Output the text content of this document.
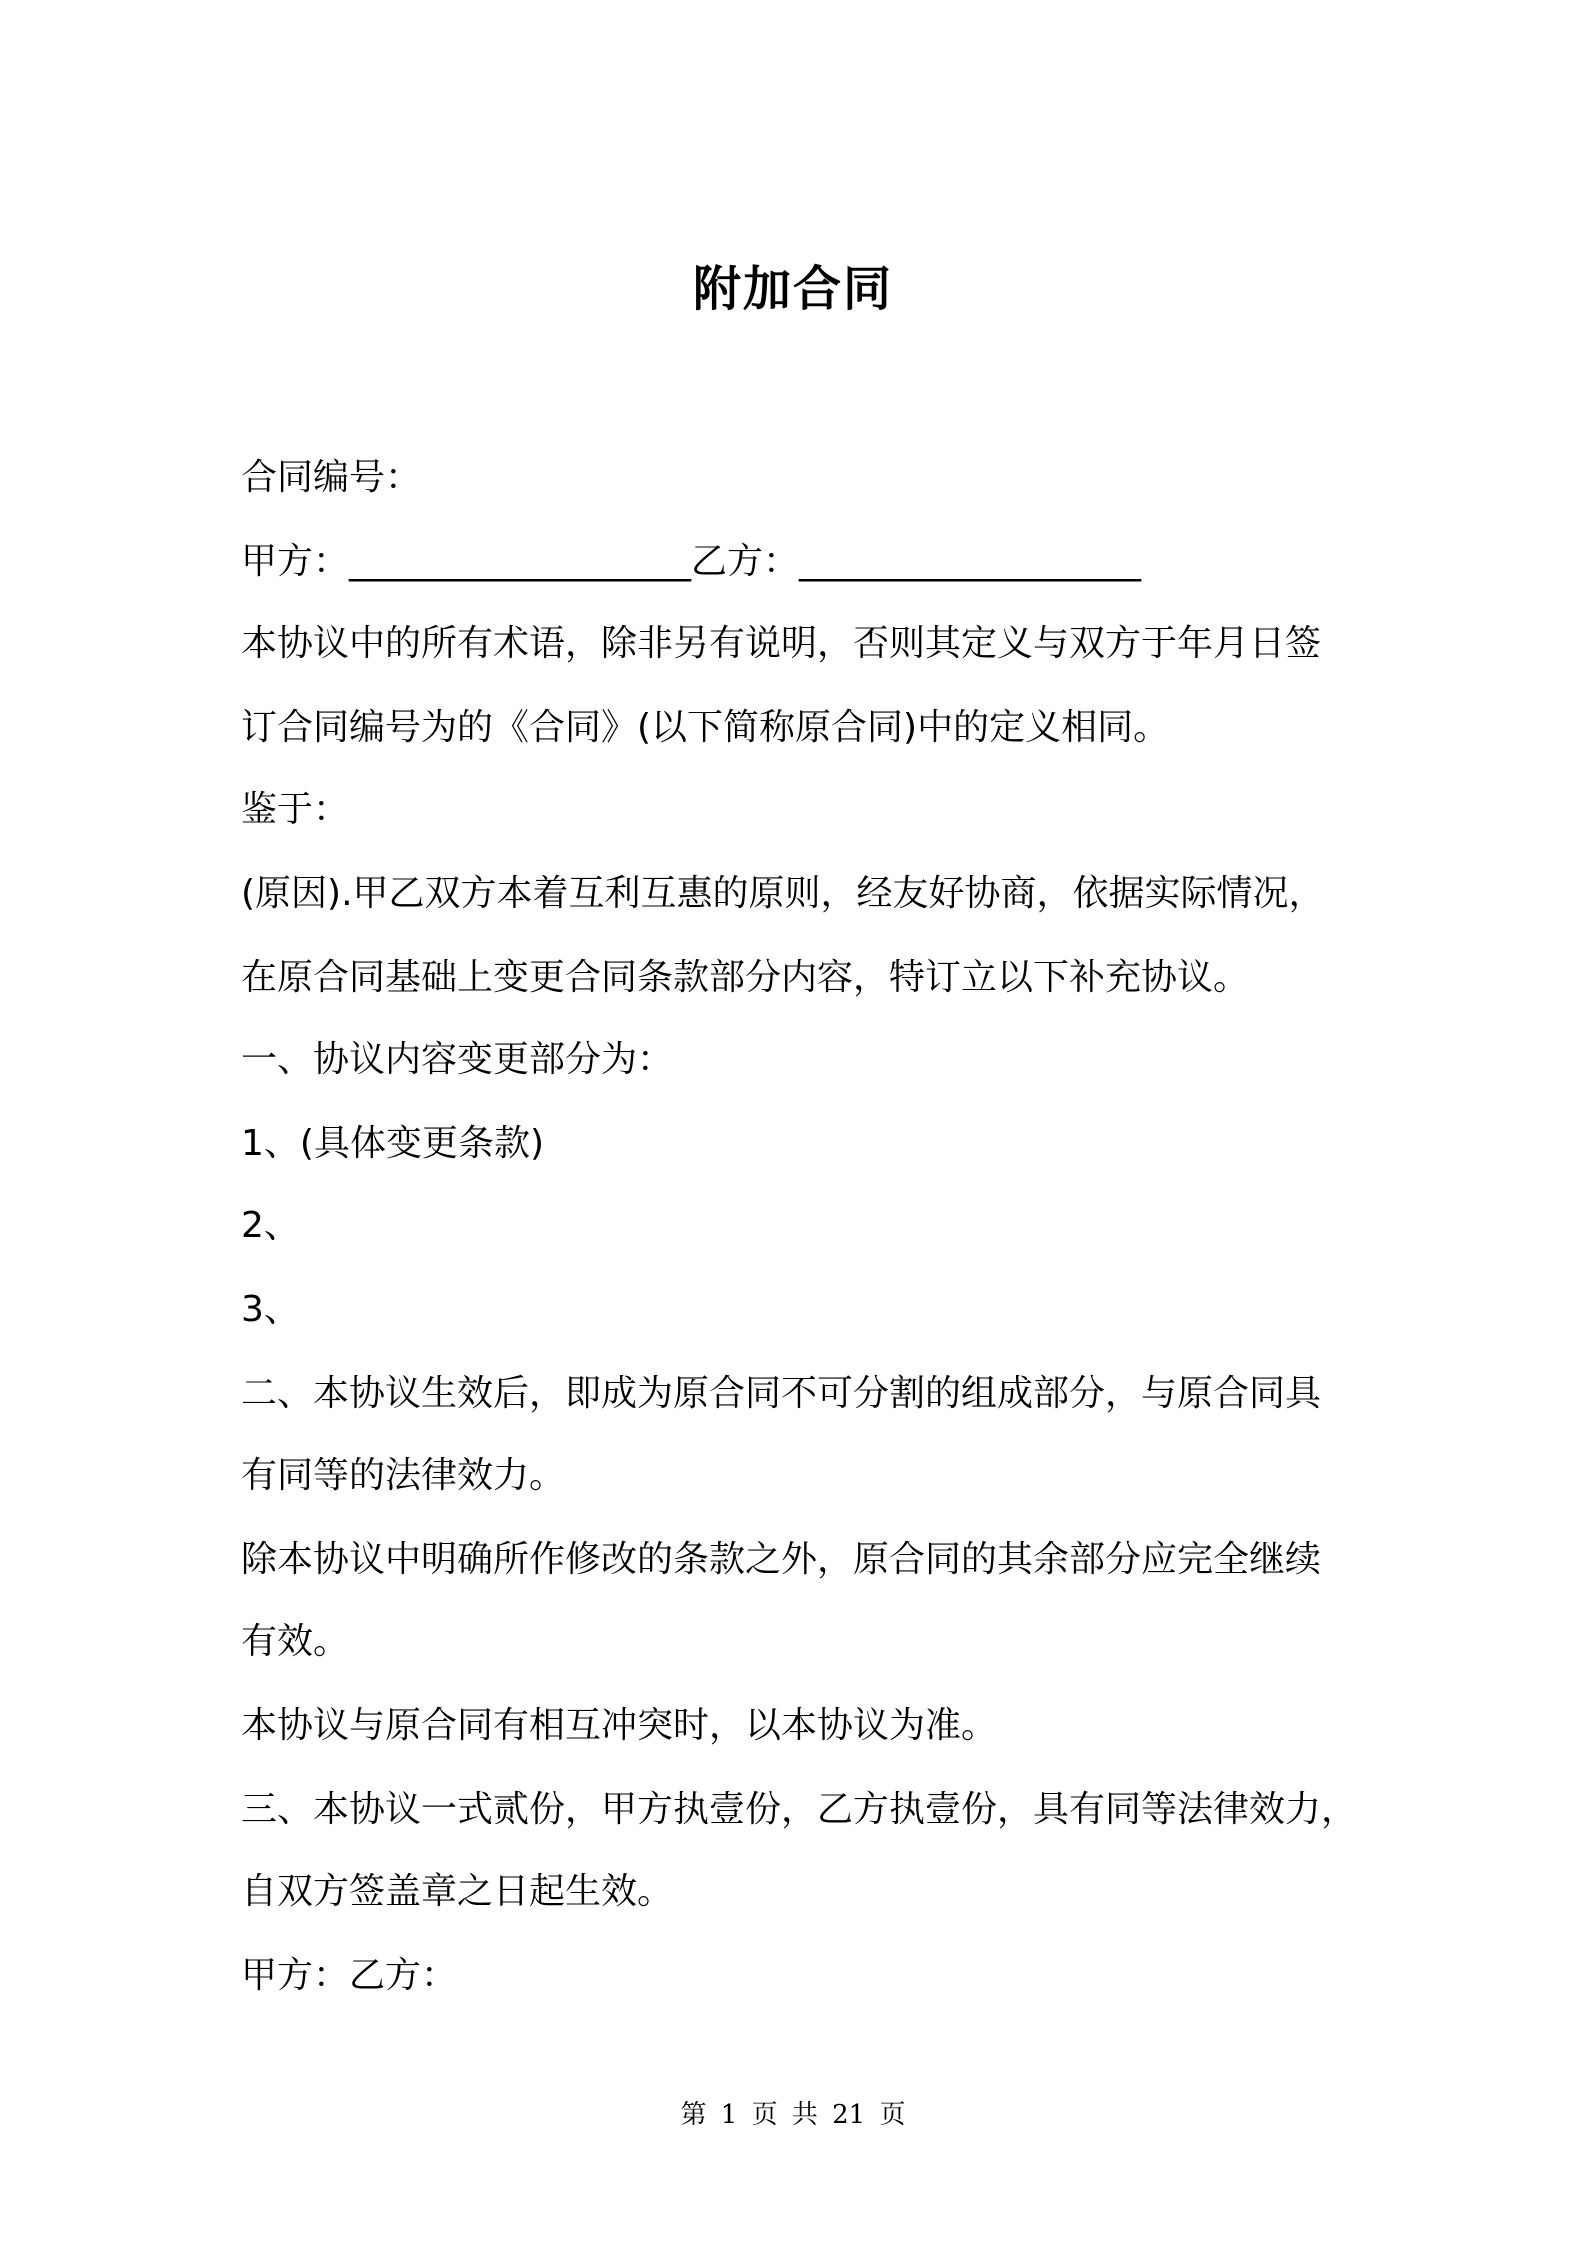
附加合同
合同编号：
甲方：___________________乙方：___________________
本协议中的所有术语，除非另有说明，否则其定义与双方于年月日签
订合同编号为的《合同》(以下简称原合同)中的定义相同。
鉴于：
(原因).甲乙双方本着互利互惠的原则，经友好协商，依据实际情况，
在原合同基础上变更合同条款部分内容，特订立以下补充协议。
一、协议内容变更部分为：
1、(具体变更条款)
2、
3、
二、本协议生效后，即成为原合同不可分割的组成部分，与原合同具
有同等的法律效力。
除本协议中明确所作修改的条款之外，原合同的其余部分应完全继续
有效。
本协议与原合同有相互冲突时，以本协议为准。
三、本协议一式贰份，甲方执壹份，乙方执壹份，具有同等法律效力，
自双方签盖章之日起生效。
甲方：乙方：
第 1 页 共 21 页
